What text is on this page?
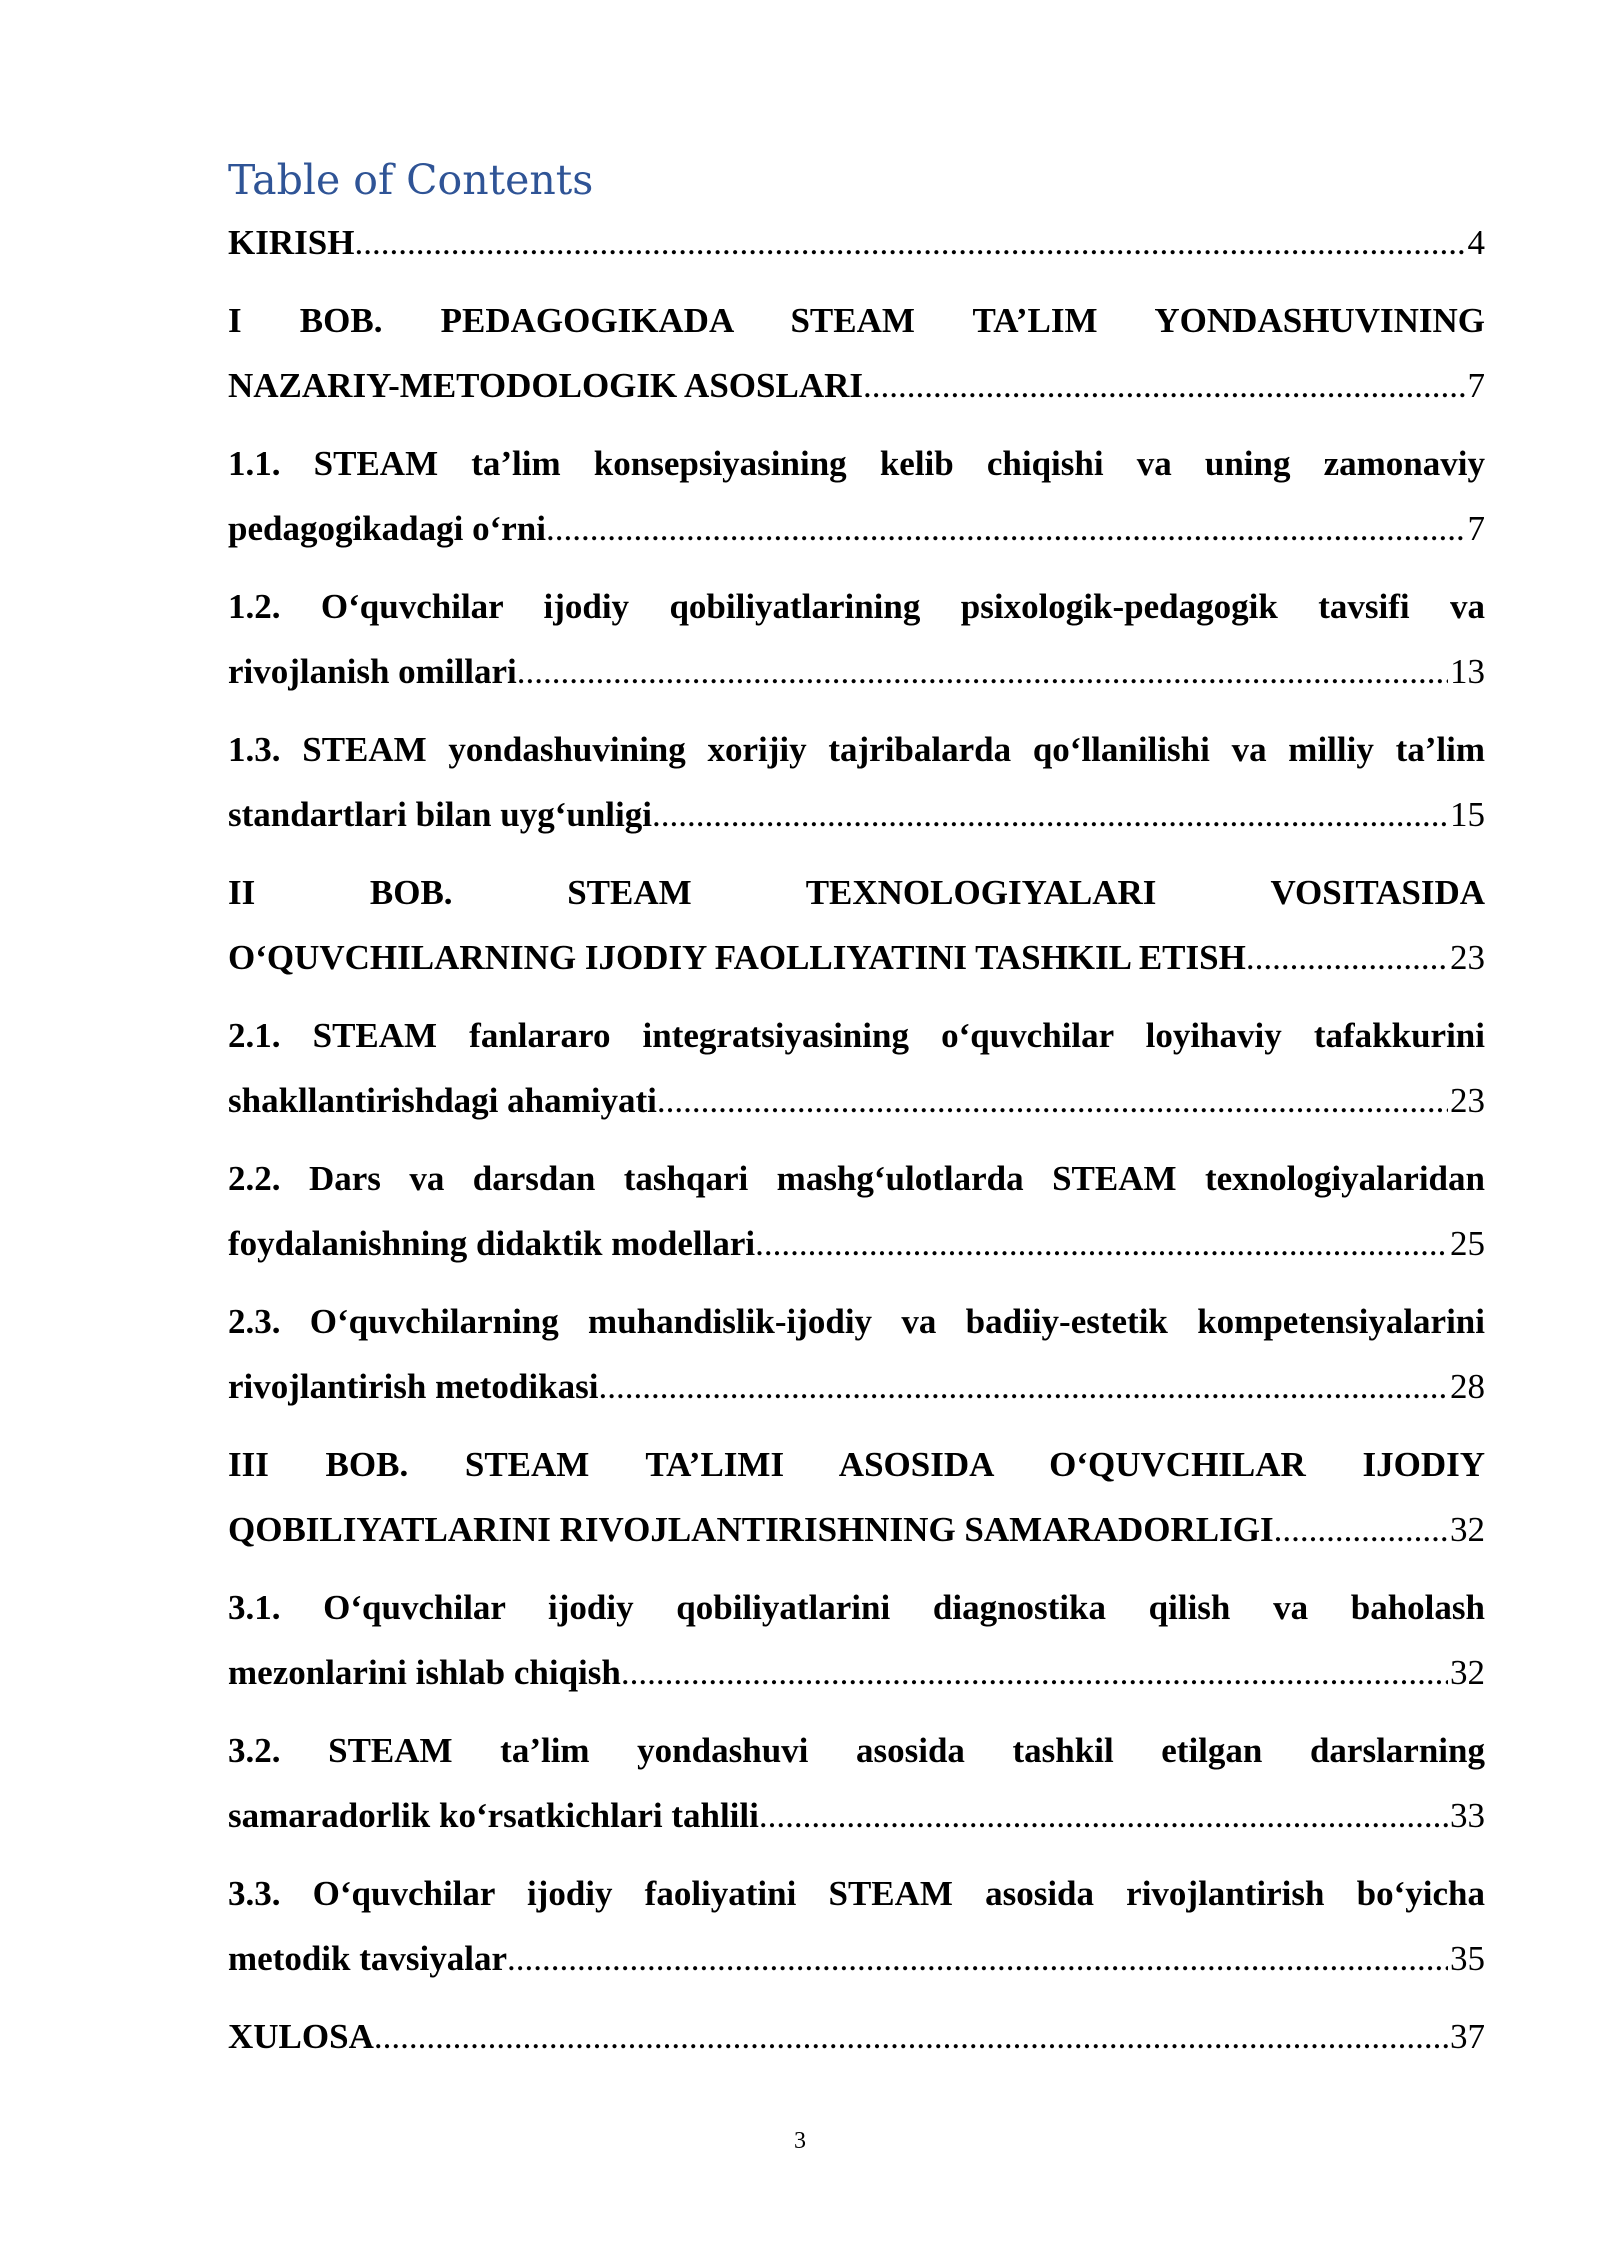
Table of Contents
KIRISH .....	4
I BOB. PEDAGOGIKADA STEAM TA’LIM YONDASHUVINING
NAZARIY-METODOLOGIK ASOSLARI .....	7
1.1. STEAM ta’lim konsepsiyasining kelib chiqishi va uning zamonaviy
pedagogikadagi o‘rni .....	7
1.2. O‘quvchilar ijodiy qobiliyatlarining psixologik-pedagogik tavsifi va
rivojlanish omillari .....	13
1.3. STEAM yondashuvining xorijiy tajribalarda qo‘llanilishi va milliy ta’lim
standartlari bilan uyg‘unligi .....	15
II BOB. STEAM TEXNOLOGIYALARI VOSITASIDA
O‘QUVCHILARNING IJODIY FAOLLIYATINI TASHKIL ETISH .....	23
2.1. STEAM fanlararo integratsiyasining o‘quvchilar loyihaviy tafakkurini
shakllantirishdagi ahamiyati .....	23
2.2. Dars va darsdan tashqari mashg‘ulotlarda STEAM texnologiyalaridan
foydalanishning didaktik modellari .....	25
2.3. O‘quvchilarning muhandislik-ijodiy va badiiy-estetik kompetensiyalarini
rivojlantirish metodikasi .....	28
III BOB. STEAM TA’LIMI ASOSIDA O‘QUVCHILAR IJODIY
QOBILIYATLARINI RIVOJLANTIRISHNING SAMARADORLIGI .....	32
3.1. O‘quvchilar ijodiy qobiliyatlarini diagnostika qilish va baholash
mezonlarini ishlab chiqish .....	32
3.2. STEAM ta’lim yondashuvi asosida tashkil etilgan darslarning
samaradorlik ko‘rsatkichlari tahlili .....	33
3.3. O‘quvchilar ijodiy faoliyatini STEAM asosida rivojlantirish bo‘yicha
metodik tavsiyalar .....	35
XULOSA .....	37
3
